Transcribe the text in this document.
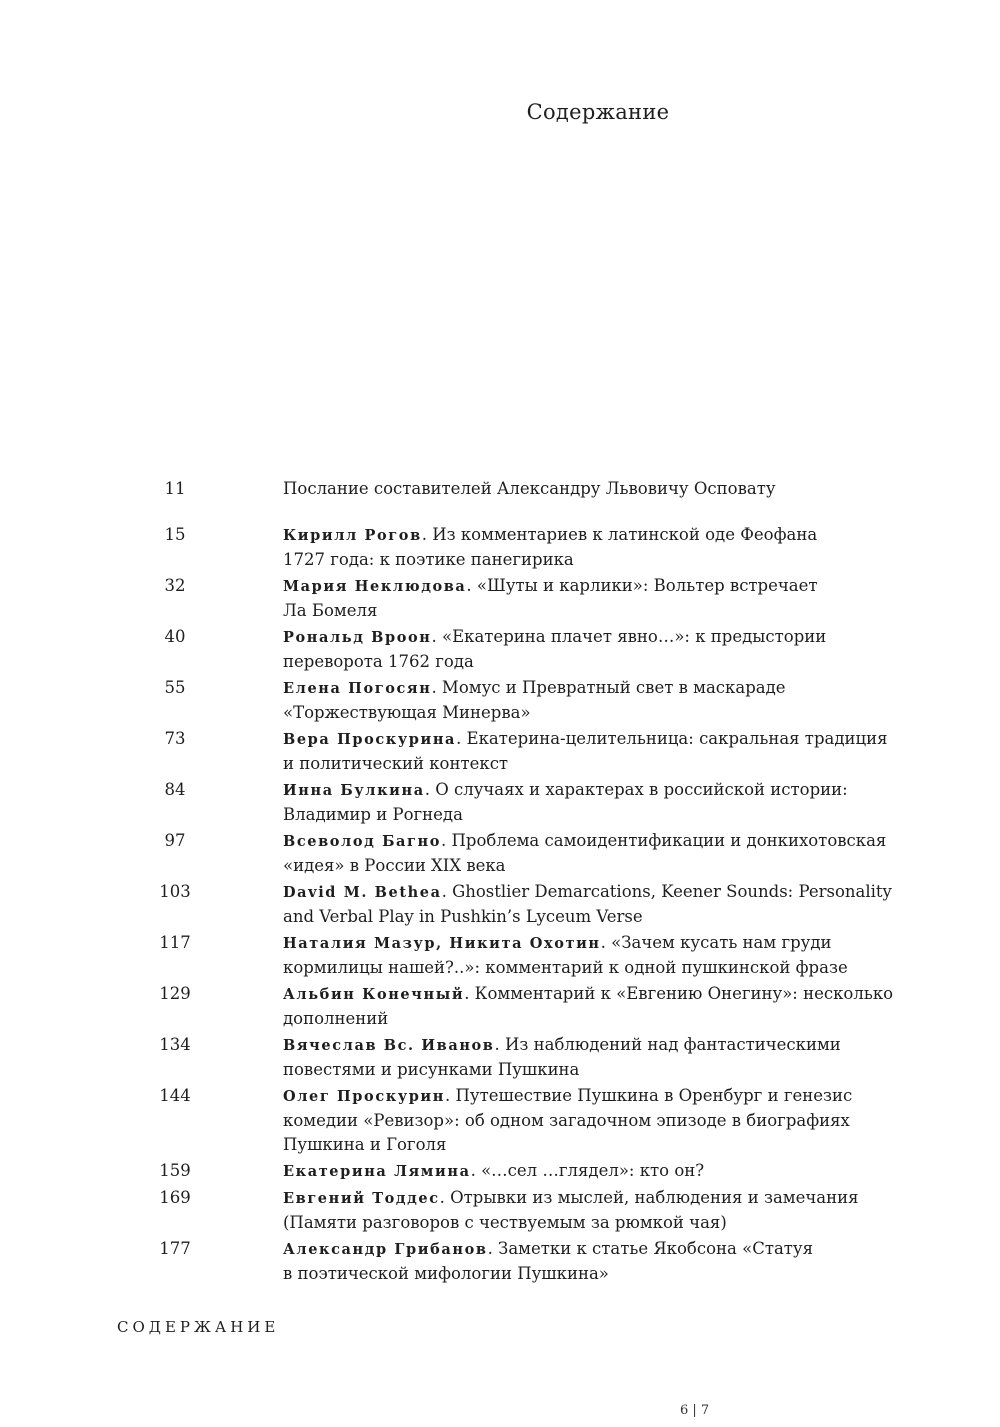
Содержание
11	Послание составителей Александру Львовичу Осповату
15	Кирилл Рогов. Из комментариев к латинской оде Феофана
1727 года: к поэтике панегирика
32	Мария Неклюдова. «Шуты и карлики»: Вольтер встречает
Ла Бомеля
40	Рональд Вроон. «Екатерина плачет явно…»: к предыстории
переворота 1762 года
55	Елена Погосян. Момус и Превратный свет в маскараде
«Торжествующая Минерва»
73	Вера Проскурина. Екатерина-целительница: сакральная традиция
и политический контекст
84	Инна Булкина. О случаях и характерах в российской истории:
Владимир и Рогнеда
97	Всеволод Багно. Проблема самоидентификации и донкихотовская
«идея» в России XIX века
103	David M. Bethea. Ghostlier Demarcations, Keener Sounds: Personality
and Verbal Play in Pushkin’s Lyceum Verse
117	Наталия Мазур, Никита Охотин. «Зачем кусать нам груди
кормилицы нашей?..»: комментарий к одной пушкинской фразе
129	Альбин Конечный. Комментарий к «Евгению Онегину»: несколько
дополнений
134	Вячеслав Вс. Иванов. Из наблюдений над фантастическими
повестями и рисунками Пушкина
144	Олег Проскурин. Путешествие Пушкина в Оренбург и генезис
комедии «Ревизор»: об одном загадочном эпизоде в биографиях
Пушкина и Гоголя
159	Екатерина Лямина. «…сел …глядел»: кто он?
169	Евгений Тоддес. Отрывки из мыслей, наблюдения и замечания
(Памяти разговоров с чествуемым за рюмкой чая)
177	Александр Грибанов. Заметки к статье Якобсона «Статуя
в поэтической мифологии Пушкина»
СОДЕРЖАНИЕ
6 | 7
